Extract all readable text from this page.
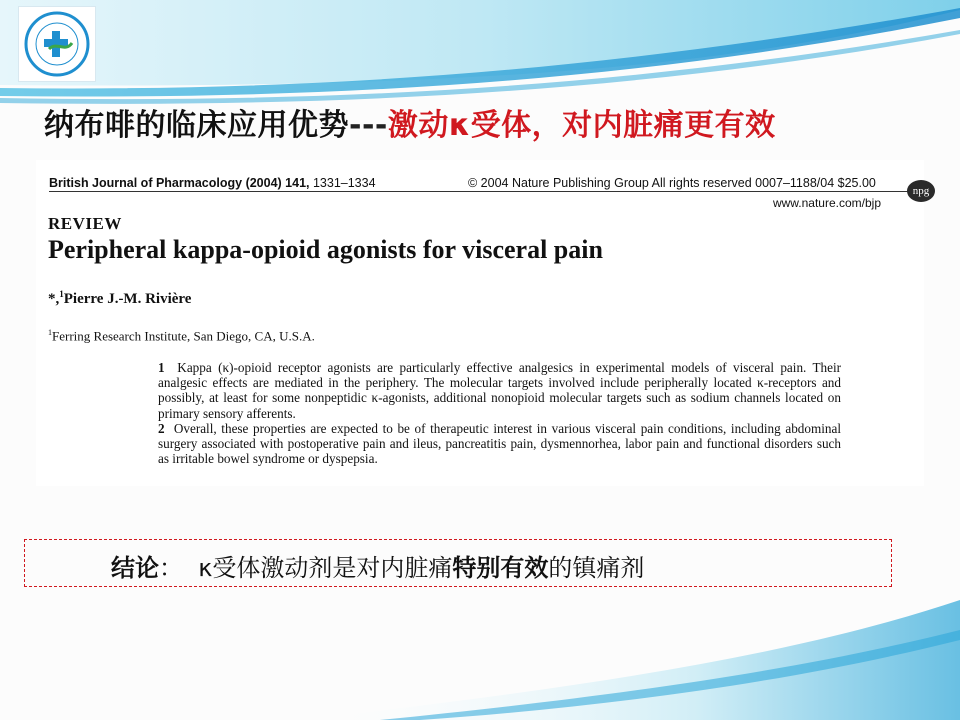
纳布啡的临床应用优势---激动κ受体，对内脏痛更有效
British Journal of Pharmacology (2004) 141, 1331–1334	© 2004 Nature Publishing Group All rights reserved 0007–1188/04 $25.00
npg
www.nature.com/bjp
REVIEW
Peripheral kappa-opioid agonists for visceral pain
*,$^1$Pierre J.-M. Rivière
$^1$Ferring Research Institute, San Diego, CA, U.S.A.

1 Kappa (κ)-opioid receptor agonists are particularly effective analgesics in experimental models of visceral pain. Their analgesic effects are mediated in the periphery. The molecular targets involved include peripherally located κ-receptors and possibly, at least for some nonpeptidic κ-agonists, additional nonopioid molecular targets such as sodium channels located on primary sensory afferents.

2 Overall, these properties are expected to be of therapeutic interest in various visceral pain conditions, including abdominal surgery associated with postoperative pain and ileus, pancreatitis pain, dysmennorhea, labor pain and functional disorders such as irritable bowel syndrome or dyspepsia.

结论： κ受体激动剂是对内脏痛特别有效的镇痛剂
